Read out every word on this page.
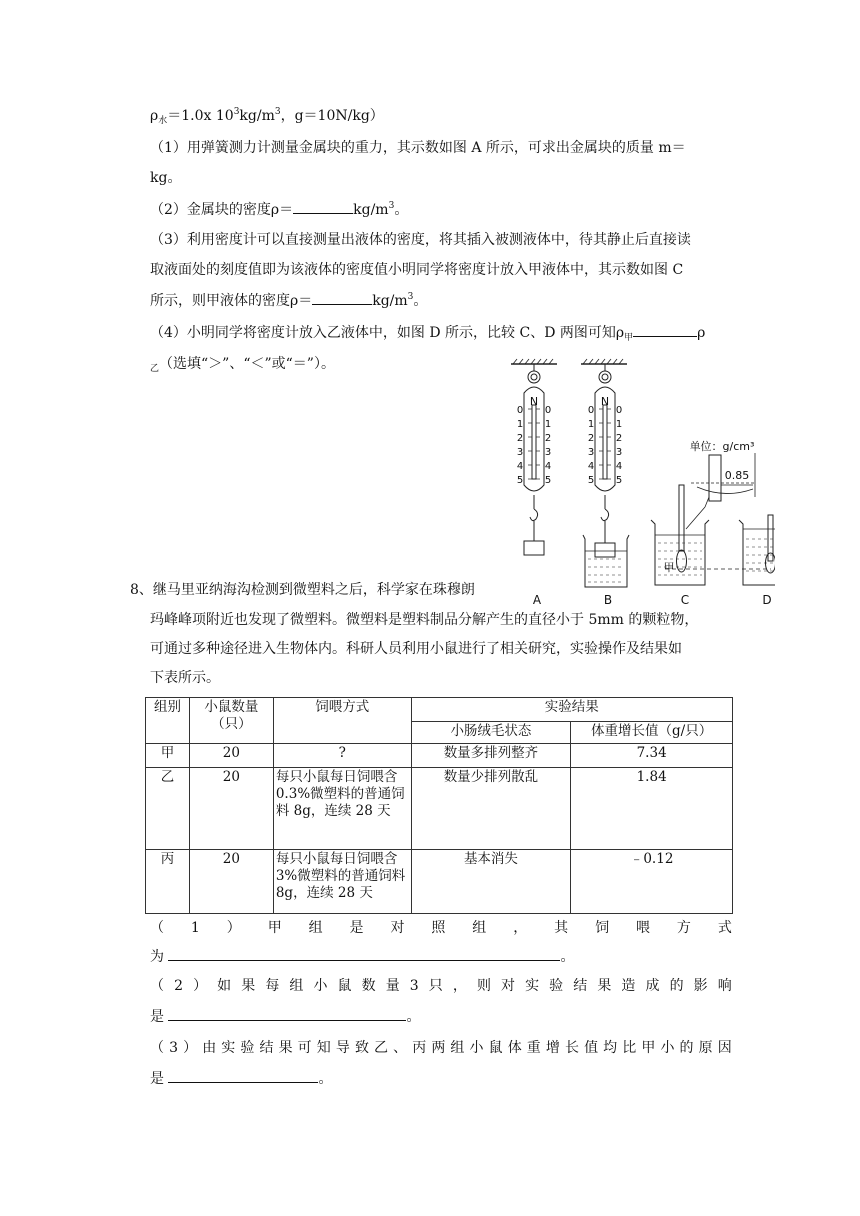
$\rho_水=1.0x$ $10^3kg/m^3$，g＝10N/kg）
（1）用弹簧测力计测量金属块的重力，其示数如图 A 所示，可求出金属块的质量 m＝
kg。
（2）金属块的密度ρ＝	$kg/m^3$。
（3）利用密度计可以直接测量出液体的密度，将其插入被测液体中，待其静止后直接读
取液面处的刻度值即为该液体的密度值小明同学将密度计放入甲液体中，其示数如图 C
所示，则甲液体的密度ρ＝	$kg/m^3$。
（4）小明同学将密度计放入乙液体中，如图 D 所示，比较 C、D 两图可知$\rho_甲$	ρ
$_乙$（选填“＞”、“＜”或“＝”）。
N	N
0
1
2
3
4
5
0
1
2
3
4
5
0
1
2
3
4
5
0
1
2
3
4
5
单位：g/cm³
0.85
甲
A	B	C	D
8、继马里亚纳海沟检测到微塑料之后，科学家在珠穆朗
玛峰峰项附近也发现了微塑料。微塑料是塑料制品分解产生的直径小于 5mm 的颗粒物，
可通过多种途径进入生物体内。科研人员利用小鼠进行了相关研究，实验操作及结果如
下表所示。
组别	小鼠数量（只）	饲喂方式	实验结果	
			小肠绒毛状态	体重增长值（g/只）
甲	20	?	数量多排列整齐	7.34
乙	20	每只小鼠每日饲喂含 0.3%微塑料的普通饲料 8g，连续 28 天	数量少排列散乱	1.84
丙	20	每只小鼠每日饲喂含 3%微塑料的普通饲料 8g，连续 28 天	基本消失	﹣0.12
（ 1 ） 甲 组 是 对 照 组 ， 其 饲 喂 方 式
为	。
（ 2 ） 如 果 每 组 小 鼠 数 量 3 只 ， 则 对 实 验 结 果 造 成 的 影 响
是	。
（ 3 ） 由 实 验 结 果 可 知 导 致 乙 、 丙 两 组 小 鼠 体 重 增 长 值 均 比 甲 小 的 原 因
是	。
